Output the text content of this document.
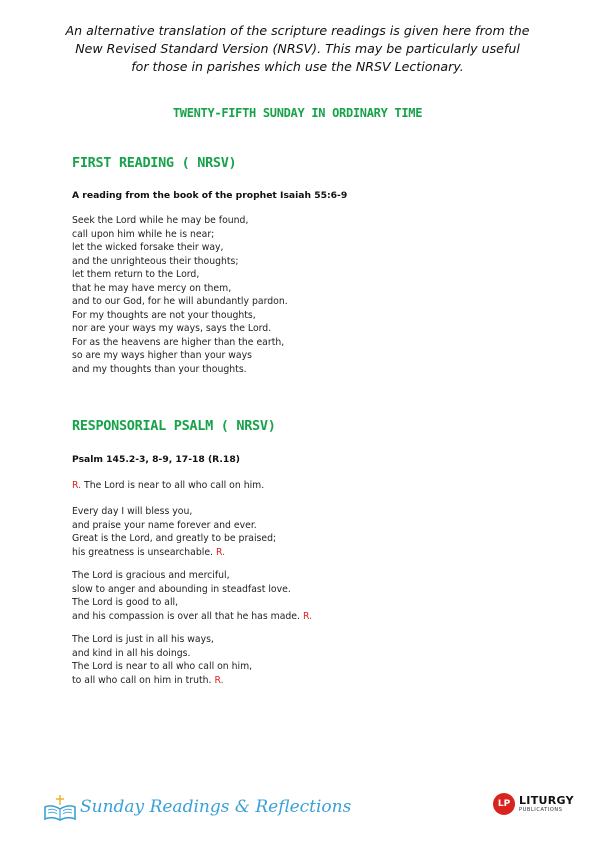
An alternative translation of the scripture readings is given here from the
New Revised Standard Version (NRSV). This may be particularly useful
for those in parishes which use the NRSV Lectionary.
TWENTY-FIFTH SUNDAY IN ORDINARY TIME
FIRST READING ( NRSV)
A reading from the book of the prophet Isaiah 55:6-9
Seek the Lord while he may be found,
call upon him while he is near;
let the wicked forsake their way,
and the unrighteous their thoughts;
let them return to the Lord,
that he may have mercy on them,
and to our God, for he will abundantly pardon.
For my thoughts are not your thoughts,
nor are your ways my ways, says the Lord.
For as the heavens are higher than the earth,
so are my ways higher than your ways
and my thoughts than your thoughts.
RESPONSORIAL PSALM ( NRSV)
Psalm 145.2-3, 8-9, 17-18 (R.18)
R. The Lord is near to all who call on him.
Every day I will bless you,
and praise your name forever and ever.
Great is the Lord, and greatly to be praised;
his greatness is unsearchable. R.
The Lord is gracious and merciful,
slow to anger and abounding in steadfast love.
The Lord is good to all,
and his compassion is over all that he has made. R.
The Lord is just in all his ways,
and kind in all his doings.
The Lord is near to all who call on him,
to all who call on him in truth. R.
Sunday Readings & Reflections	LP LITURGY
PUBLICATIONS
